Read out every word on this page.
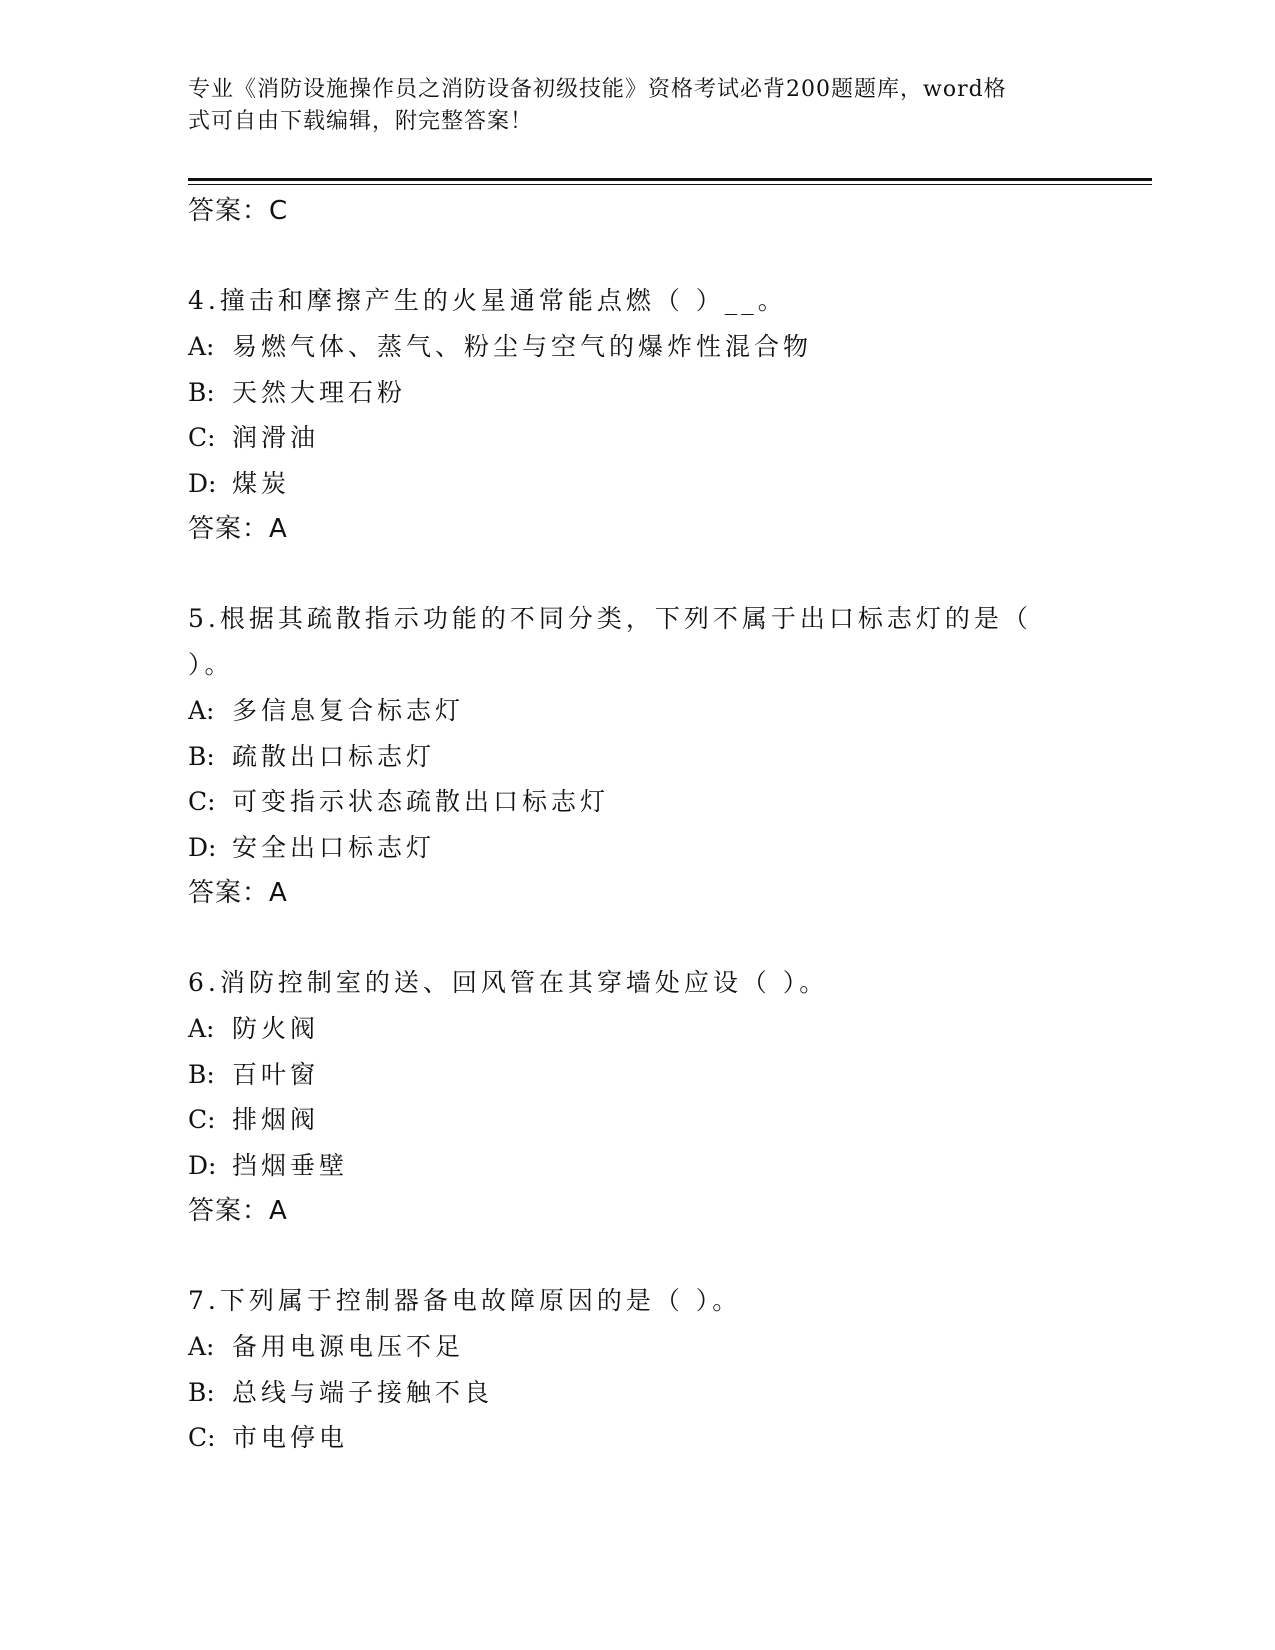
专业《消防设施操作员之消防设备初级技能》资格考试必背200题题库，word格
式可自由下载编辑，附完整答案！
答案：C
4.撞击和摩擦产生的火星通常能点燃（ ）__。
A: 易燃气体、蒸气、粉尘与空气的爆炸性混合物
B: 天然大理石粉
C: 润滑油
D: 煤炭
答案：A
5.根据其疏散指示功能的不同分类，下列不属于出口标志灯的是（
）。
A: 多信息复合标志灯
B: 疏散出口标志灯
C: 可变指示状态疏散出口标志灯
D: 安全出口标志灯
答案：A
6.消防控制室的送、回风管在其穿墙处应设（ ）。
A: 防火阀
B: 百叶窗
C: 排烟阀
D: 挡烟垂壁
答案：A
7.下列属于控制器备电故障原因的是（ ）。
A: 备用电源电压不足
B: 总线与端子接触不良
C: 市电停电
